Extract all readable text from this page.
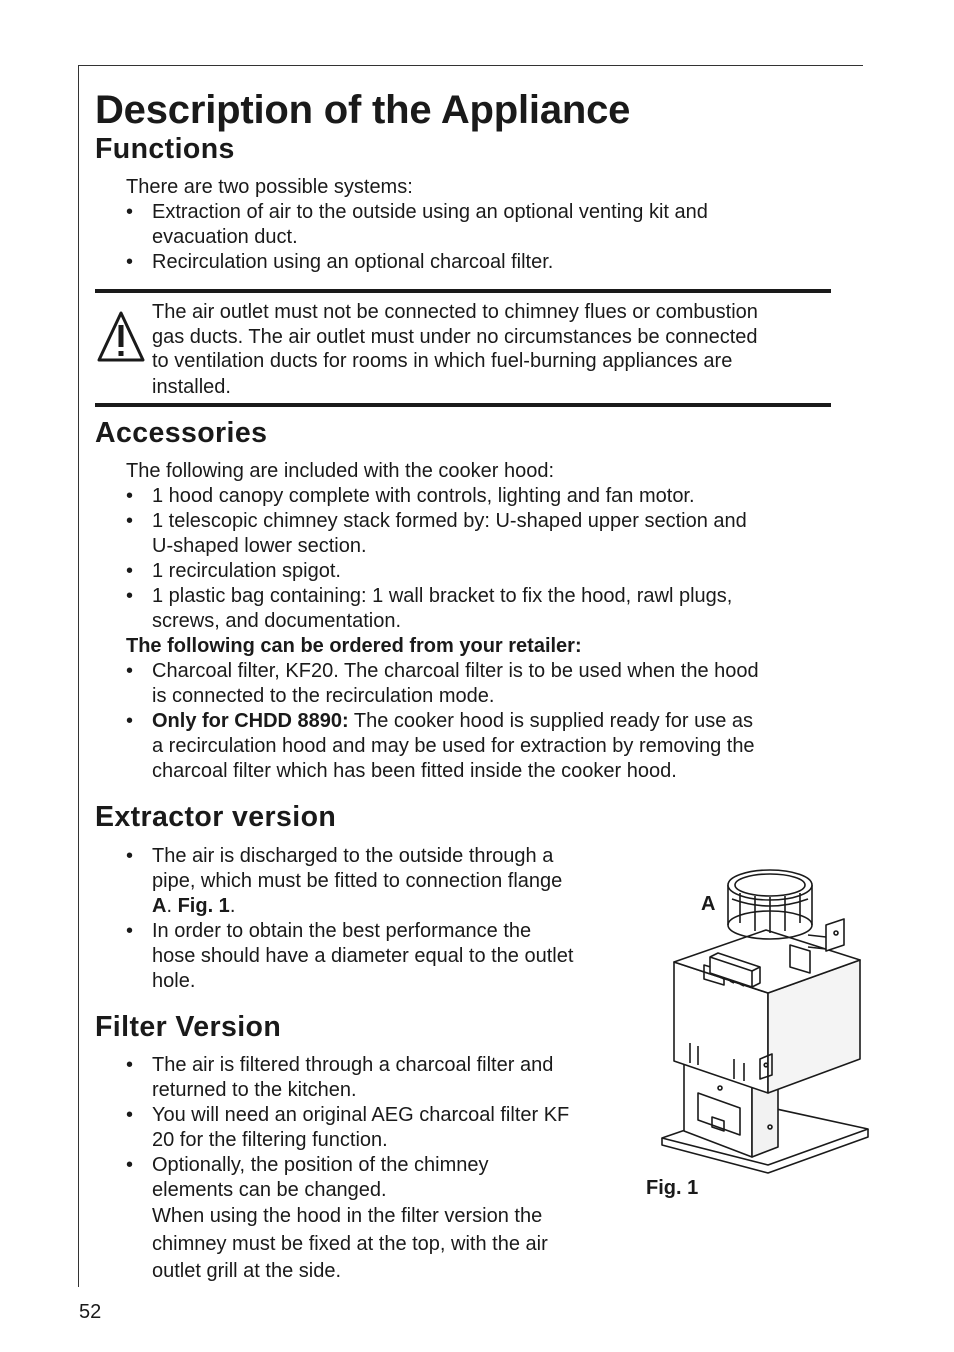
Description of the Appliance
Functions
There are two possible systems:
• Extraction of air to the outside using an optional venting kit and
evacuation duct.
• Recirculation using an optional charcoal filter.
The air outlet must not be connected to chimney flues or combustion
gas ducts. The air outlet must under no circumstances be connected
to ventilation ducts for rooms in which fuel-burning appliances are
installed.
Accessories
The following are included with the cooker hood:
• 1 hood canopy complete with controls, lighting and fan motor.
• 1 telescopic chimney stack formed by: U-shaped upper section and
U-shaped lower section.
• 1 recirculation spigot.
• 1 plastic bag containing: 1 wall bracket to fix the hood, rawl plugs,
screws, and documentation.
The following can be ordered from your retailer:
• Charcoal filter, KF20. The charcoal filter is to be used when the hood
is connected to the recirculation mode.
• Only for CHDD 8890: The cooker hood is supplied ready for use as
a recirculation hood and may be used for extraction by removing the
charcoal filter which has been fitted inside the cooker hood.
Extractor version
• The air is discharged to the outside through a
pipe, which must be fitted to connection flange
A. Fig. 1.
• In order to obtain the best performance the
hose should have a diameter equal to the outlet
hole.
Filter Version
• The air is filtered through a charcoal filter and
returned to the kitchen.
• You will need an original AEG charcoal filter KF
20 for the filtering function.
• Optionally, the position of the chimney
elements can be changed.
When using the hood in the filter version the
chimney must be fixed at the top, with the air
outlet grill at the side.
A
Fig. 1
52
